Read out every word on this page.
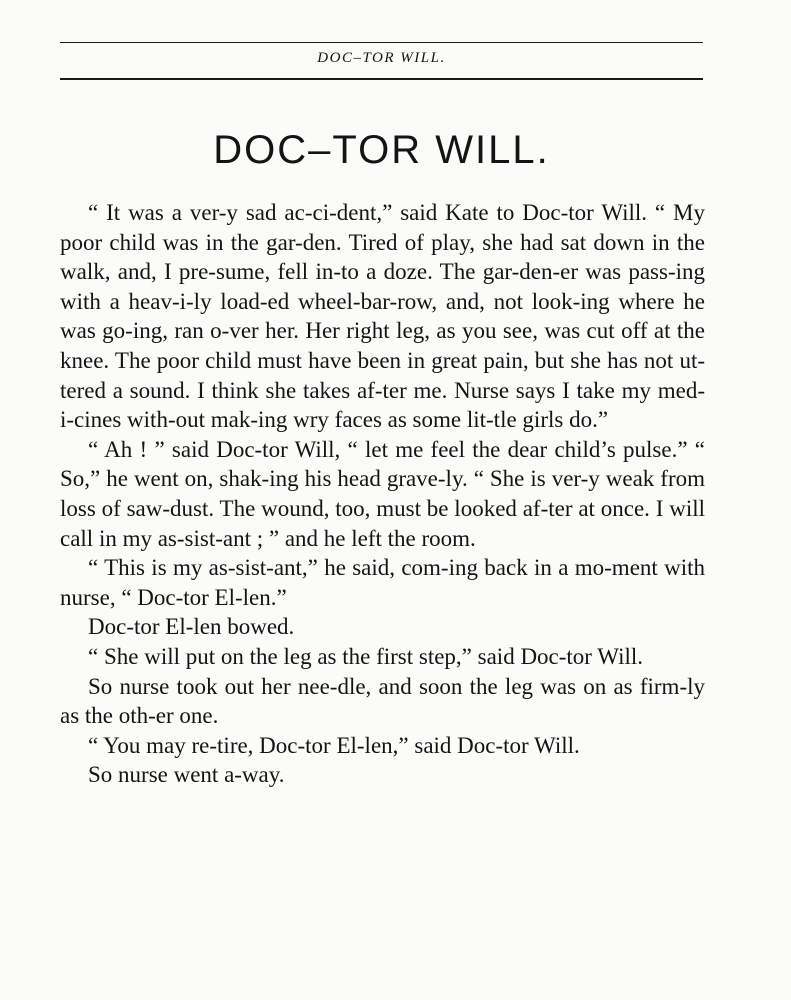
DOC–TOR WILL.
DOC–TOR WILL.

“ It was a ver-y sad ac-ci-dent,” said Kate to Doc-tor Will. “ My poor child was in the gar-den. Tired of play, she had sat down in the walk, and, I pre-sume, fell in-to a doze. The gar-den-er was pass-ing with a heav-i-ly load-ed wheel-bar-row, and, not look-ing where he was go-ing, ran o-ver her. Her right leg, as you see, was cut off at the knee. The poor child must have been in great pain, but she has not ut-tered a sound. I think she takes af-ter me. Nurse says I take my med-i-cines with-out mak-ing wry faces as some lit-tle girls do.”

“ Ah ! ” said Doc-tor Will, “ let me feel the dear child’s pulse.” “ So,” he went on, shak-ing his head grave-ly. “ She is ver-y weak from loss of saw-dust. The wound, too, must be looked af-ter at once. I will call in my as-sist-ant ; ” and he left the room.

“ This is my as-sist-ant,” he said, com-ing back in a mo-ment with nurse, “ Doc-tor El-len.”

Doc-tor El-len bowed.

“ She will put on the leg as the first step,” said Doc-tor Will.

So nurse took out her nee-dle, and soon the leg was on as firm-ly as the oth-er one.

“ You may re-tire, Doc-tor El-len,” said Doc-tor Will.

So nurse went a-way.
